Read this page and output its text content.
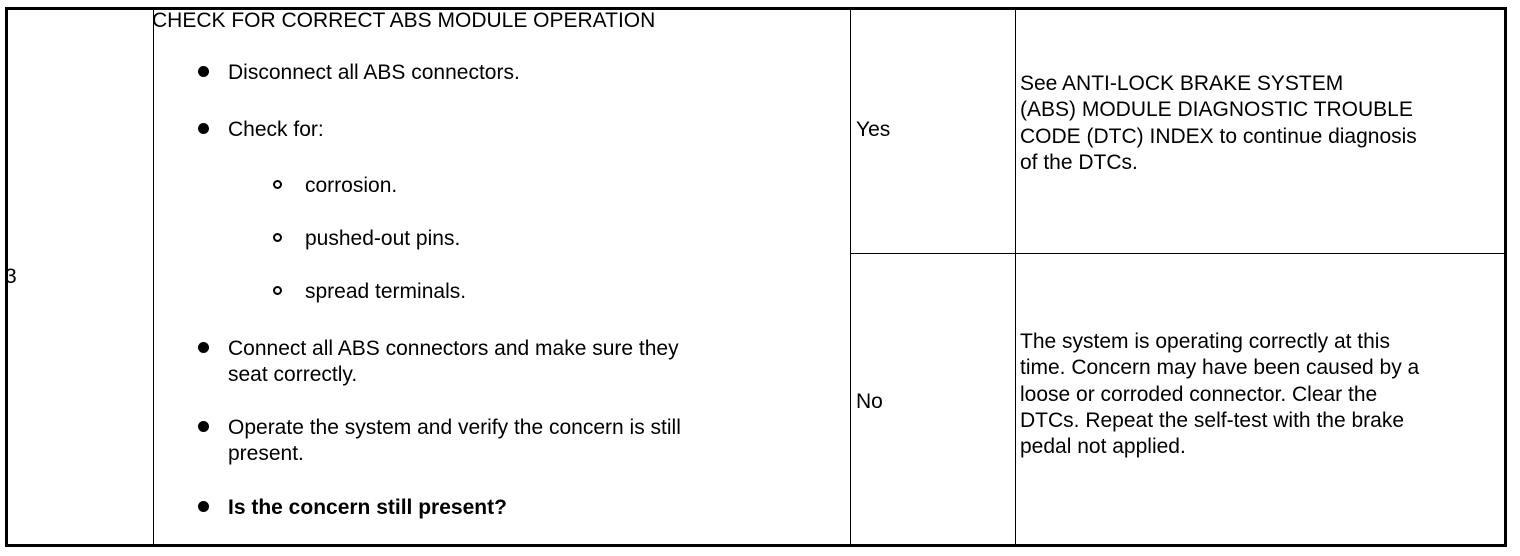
3
CHECK FOR CORRECT ABS MODULE OPERATION
Disconnect all ABS connectors.
Check for:
corrosion.
pushed-out pins.
spread terminals.
Connect all ABS connectors and make sure they
seat correctly.
Operate the system and verify the concern is still
present.
Is the concern still present?
Yes
See ANTI-LOCK BRAKE SYSTEM
(ABS) MODULE DIAGNOSTIC TROUBLE
CODE (DTC) INDEX to continue diagnosis
of the DTCs.
No
The system is operating correctly at this
time. Concern may have been caused by a
loose or corroded connector. Clear the
DTCs. Repeat the self-test with the brake
pedal not applied.
